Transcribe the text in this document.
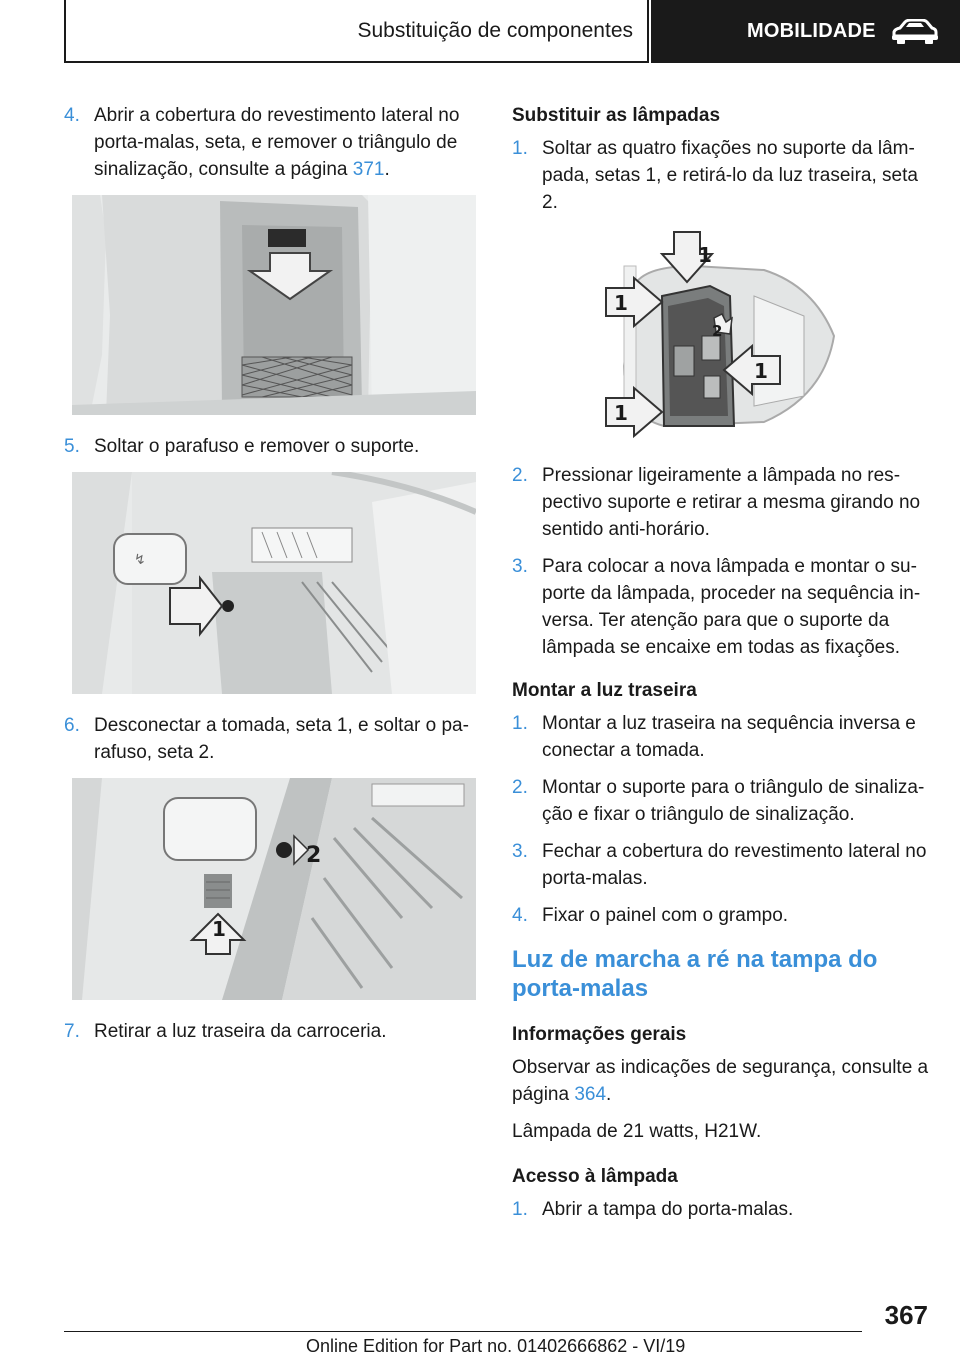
Substituição de componentes	MOBILIDADE
4. Abrir a cobertura do revestimento lateral no porta-malas, seta, e remover o triângulo de sinalização, consulte a página 371.
5. Soltar o parafuso e remover o suporte.
↯
6. Desconectar a tomada, seta 1, e soltar o parafuso, seta 2.
2
1
7. Retirar a luz traseira da carroceria.
Substituir as lâmpadas
1. Soltar as quatro fixações no suporte da lâmpada, setas 1, e retirá-lo da luz traseira, seta 2.
1
1
1
1
2
2. Pressionar ligeiramente a lâmpada no respectivo suporte e retirar a mesma girando no sentido anti-horário.
3. Para colocar a nova lâmpada e montar o suporte da lâmpada, proceder na sequência inversa. Ter atenção para que o suporte da lâmpada se encaixe em todas as fixações.
Montar a luz traseira
1. Montar a luz traseira na sequência inversa e conectar a tomada.
2. Montar o suporte para o triângulo de sinalização e fixar o triângulo de sinalização.
3. Fechar a cobertura do revestimento lateral no porta-malas.
4. Fixar o painel com o grampo.
Luz de marcha a ré na tampa do porta-malas
Informações gerais
Observar as indicações de segurança, consulte a página 364.
Lâmpada de 21 watts, H21W.
Acesso à lâmpada
1. Abrir a tampa do porta-malas.
367
Online Edition for Part no. 01402666862 - VI/19
